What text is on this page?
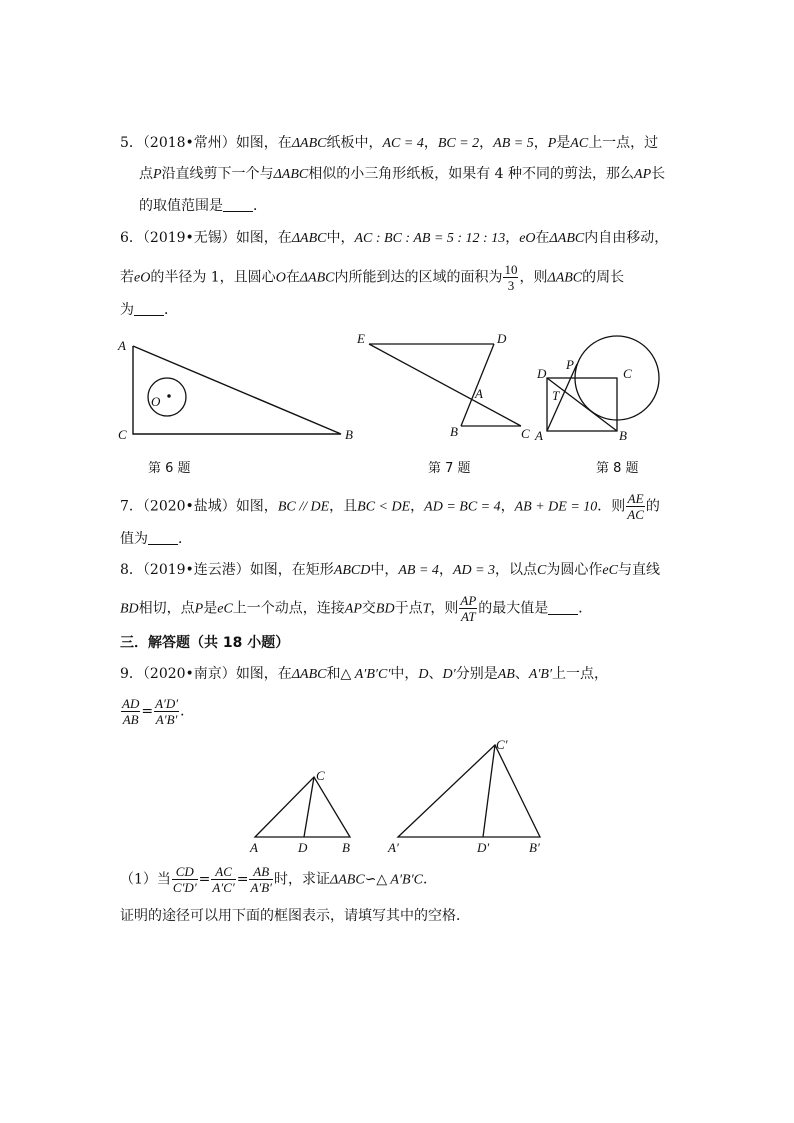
5．（2018•常州）如图，在ΔABC纸板中，AC = 4，BC = 2，AB = 5，P是AC上一点，过
点P沿直线剪下一个与ΔABC相似的小三角形纸板，如果有 4 种不同的剪法，那么AP长
的取值范围是 ．
6．（2019•无锡）如图，在ΔABC中，AC : BC : AB = 5 : 12 : 13，eO在ΔABC内自由移动，
若eO的半径为 1，且圆心O在ΔABC内所能到达的区域的面积为 $\frac{10}{3}$ ，则ΔABC的周长
为 ．
A
C	B
O
第 6 题
E	D
A
B	C
第 7 题
D
P
C
T
A	B
第 8 题
7．（2020•盐城）如图，BC // DE，且BC < DE，AD = BC = 4，AB + DE = 10．则 $\frac{AE}{AC}$ 的
值为 ．
8．（2019•连云港）如图，在矩形ABCD中，AB = 4，AD = 3，以点C为圆心作eC与直线
BD相切，点P是eC上一个动点，连接AP交BD于点T，则 $\frac{AP}{AT}$ 的最大值是 ．
三．解答题（共 18 小题）
9．（2020•南京）如图，在ΔABC和△ A′B′C′中，D、D′分别是AB、A′B′上一点，
$\frac{AD}{AB} = \frac{A'D'}{A'B'}$ ．
A	D	B
C
A′	D′	B′
C′
（1）当 $\frac{CD}{C'D'} = \frac{AC}{A'C'} = \frac{AB}{A'B'}$ 时，求证ΔABC∽△ A′B′C．
证明的途径可以用下面的框图表示，请填写其中的空格．
